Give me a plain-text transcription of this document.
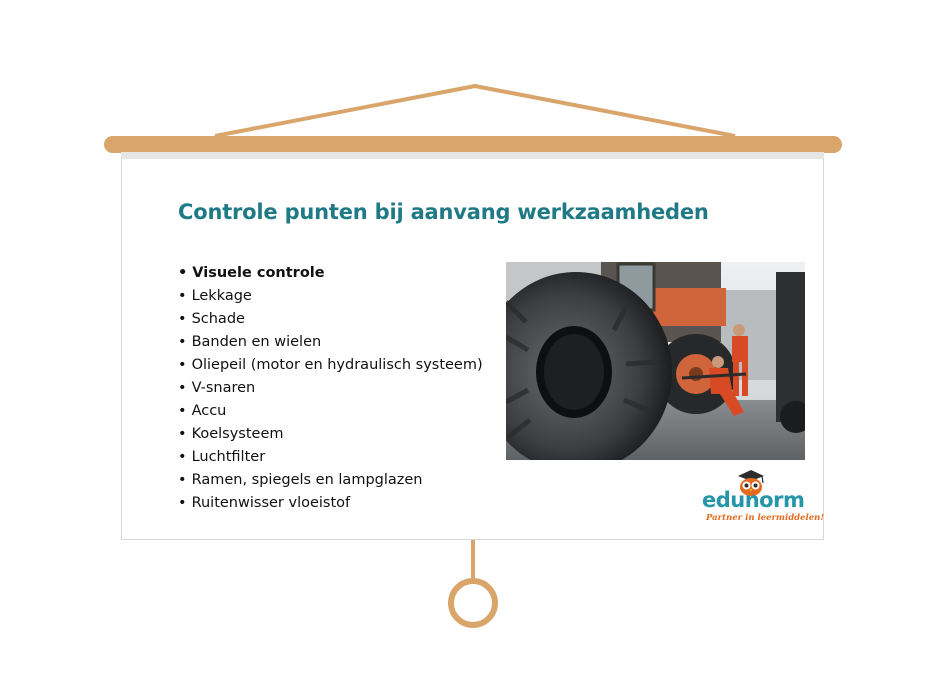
Controle punten bij aanvang werkzaamheden
• Visuele controle
• Lekkage
• Schade
• Banden en wielen
• Oliepeil (motor en hydraulisch systeem)
• V-snaren
• Accu
• Koelsysteem
• Luchtfilter
• Ramen, spiegels en lampglazen
• Ruitenwisser vloeistof	edunorm
Partner in leermiddelen!
